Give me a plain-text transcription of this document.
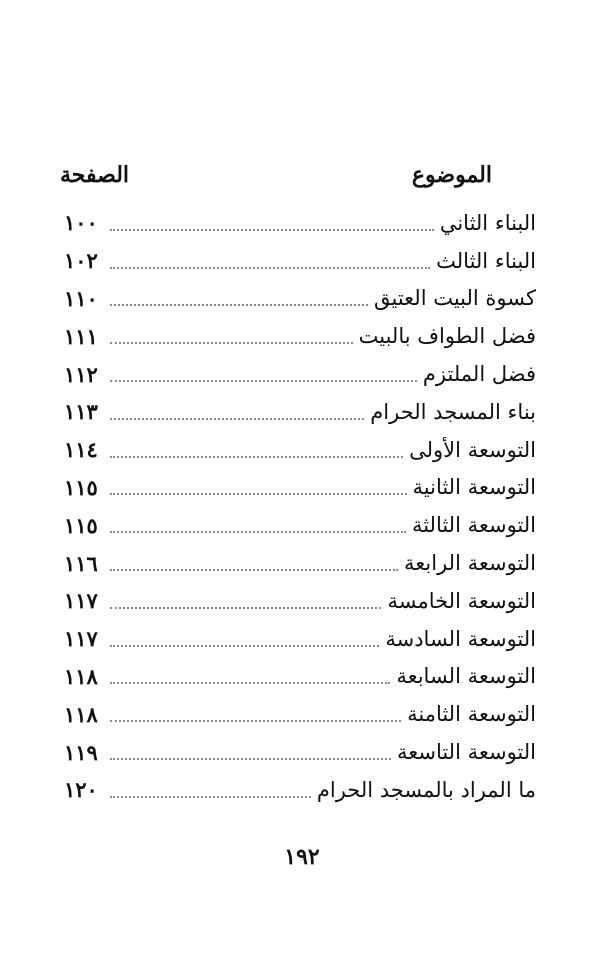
الموضوع
الصفحة
البناء الثاني
١٠٠
البناء الثالث
١٠٢
كسوة البيت العتيق
١١٠
فضل الطواف بالبيت
١١١
فضل الملتزم
١١٢
بناء المسجد الحرام
١١٣
التوسعة الأولى
١١٤
التوسعة الثانية
١١٥
التوسعة الثالثة
١١٥
التوسعة الرابعة
١١٦
التوسعة الخامسة
١١٧
التوسعة السادسة
١١٧
التوسعة السابعة
١١٨
التوسعة الثامنة
١١٨
التوسعة التاسعة
١١٩
ما المراد بالمسجد الحرام
١٢٠
١٩٢
